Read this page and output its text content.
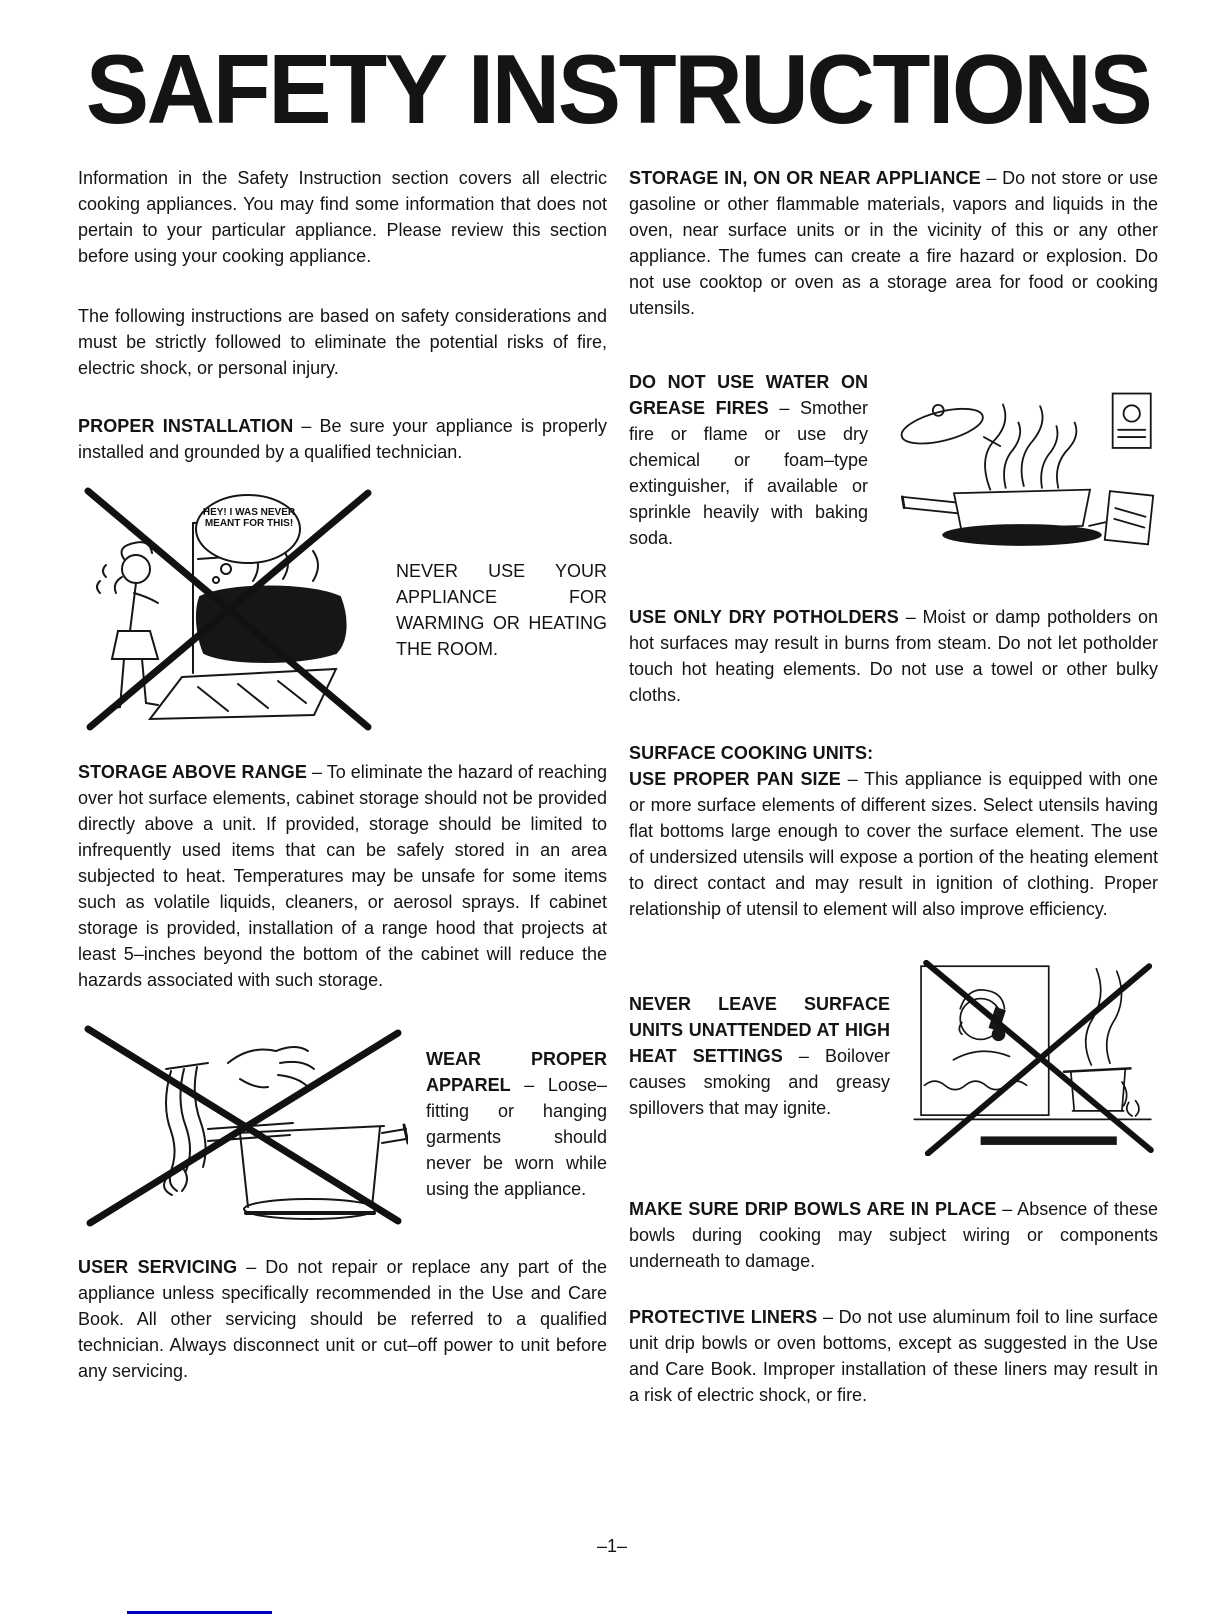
SAFETY INSTRUCTIONS

Information in the Safety Instruction section covers all electric cooking appliances. You may find some information that does not pertain to your particular appliance. Please review this section before using your cooking appliance.

The following instructions are based on safety considerations and must be strictly followed to eliminate the potential risks of fire, electric shock, or personal injury.

PROPER INSTALLATION – Be sure your appliance is properly installed and grounded by a qualified technician.

HEY! I WAS NEVER MEANT FOR THIS!
NEVER USE YOUR APPLIANCE FOR WARMING OR HEATING THE ROOM.

STORAGE ABOVE RANGE – To eliminate the hazard of reaching over hot surface elements, cabinet storage should not be provided directly above a unit. If provided, storage should be limited to infrequently used items that can be safely stored in an area subjected to heat. Temperatures may be unsafe for some items such as volatile liquids, cleaners, or aerosol sprays. If cabinet storage is provided, installation of a range hood that projects at least 5–inches beyond the bottom of the cabinet will reduce the hazards associated with such storage.

WEAR PROPER APPAREL – Loose–fitting or hanging garments should never be worn while using the appliance.

USER SERVICING – Do not repair or replace any part of the appliance unless specifically recommended in the Use and Care Book. All other servicing should be referred to a qualified technician. Always disconnect unit or cut–off power to unit before any servicing.

STORAGE IN, ON OR NEAR APPLIANCE – Do not store or use gasoline or other flammable materials, vapors and liquids in the oven, near surface units or in the vicinity of this or any other appliance. The fumes can create a fire hazard or explosion. Do not use cooktop or oven as a storage area for food or cooking utensils.

DO NOT USE WATER ON GREASE FIRES – Smother fire or flame or use dry chemical or foam–type extinguisher, if available or sprinkle heavily with baking soda.

USE ONLY DRY POTHOLDERS – Moist or damp potholders on hot surfaces may result in burns from steam. Do not let potholder touch hot heating elements. Do not use a towel or other bulky cloths.

SURFACE COOKING UNITS:
USE PROPER PAN SIZE – This appliance is equipped with one or more surface elements of different sizes. Select utensils having flat bottoms large enough to cover the surface element. The use of undersized utensils will expose a portion of the heating element to direct contact and may result in ignition of clothing. Proper relationship of utensil to element will also improve efficiency.

NEVER LEAVE SURFACE UNITS UNATTENDED AT HIGH HEAT SETTINGS – Boilover causes smoking and greasy spillovers that may ignite.

MAKE SURE DRIP BOWLS ARE IN PLACE – Absence of these bowls during cooking may subject wiring or components underneath to damage.

PROTECTIVE LINERS – Do not use aluminum foil to line surface unit drip bowls or oven bottoms, except as suggested in the Use and Care Book. Improper installation of these liners may result in a risk of electric shock, or fire.

–1–
